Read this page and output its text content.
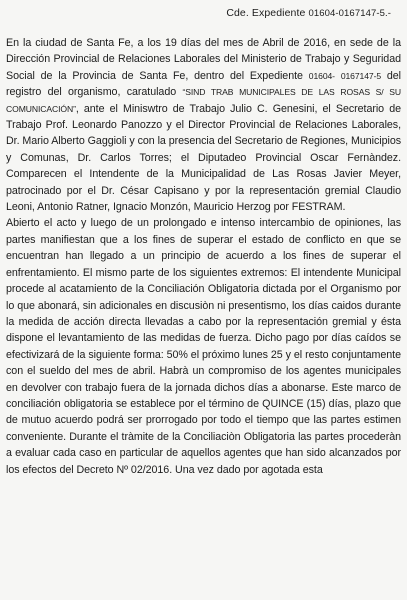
Cde. Expediente 01604-0167147-5.-

En la ciudad de Santa Fe, a los 19 días del mes de Abril de 2016, en sede de la Dirección Provincial de Relaciones Laborales del Ministerio de Trabajo y Seguridad Social de la Provincia de Santa Fe, dentro del Expediente 01604- 0167147-5 del registro del organismo, caratulado “SIND TRAB MUNICIPALES DE LAS ROSAS S/ SU COMUNICACIÓN”, ante el Miniswtro de Trabajo Julio C. Genesini, el Secretario de Trabajo Prof. Leonardo Panozzo y el Director Provincial de Relaciones Laborales, Dr. Mario Alberto Gaggioli y con la presencia del Secretario de Regiones, Municipios y Comunas, Dr. Carlos Torres; el Diputadeo Provincial Oscar Fernàndez. Comparecen el Intendente de la Municipalidad de Las Rosas Javier Meyer, patrocinado por el Dr. César Capisano y por la representación gremial Claudio Leoni, Antonio Ratner, Ignacio Monzón, Mauricio Herzog por FESTRAM.

Abierto el acto y luego de un prolongado e intenso intercambio de opiniones, las partes manifiestan que a los fines de superar el estado de conflicto en que se encuentran han llegado a un principio de acuerdo a los fines de superar el enfrentamiento. El mismo parte de los siguientes extremos: El intendente Municipal procede al acatamiento de la Conciliación Obligatoria dictada por el Organismo por lo que abonará, sin adicionales en discusiòn ni presentismo, los días caidos durante la medida de acción directa llevadas a cabo por la representación gremial y ésta dispone el levantamiento de las medidas de fuerza. Dicho pago por días caídos se efectivizará de la siguiente forma: 50% el próximo lunes 25 y el resto conjuntamente con el sueldo del mes de abril. Habrà un compromiso de los agentes municipales en devolver con trabajo fuera de la jornada dichos días a abonarse. Este marco de conciliación obligatoria se establece por el término de QUINCE (15) días, plazo que de mutuo acuerdo podrá ser prorrogado por todo el tiempo que las partes estimen conveniente. Durante el tràmite de la Conciliaciòn Obligatoria las partes procederàn a evaluar cada caso en particular de aquellos agentes que han sido alcanzados por los efectos del Decreto Nº 02/2016. Una vez dado por agotada esta
